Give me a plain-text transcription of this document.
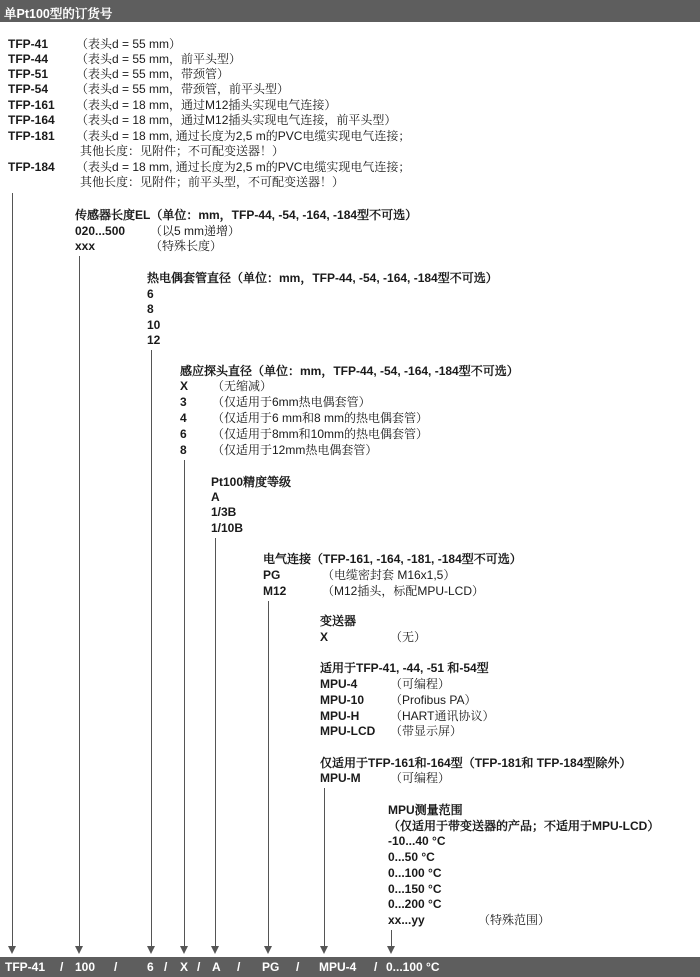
单Pt100型的订货号
TFP-41 （表头d = 55 mm）
TFP-44 （表头d = 55 mm，前平头型）
TFP-51 （表头d = 55 mm，带颈管）
TFP-54 （表头d = 55 mm，带颈管，前平头型）
TFP-161 （表头d = 18 mm，通过M12插头实现电气连接）
TFP-164 （表头d = 18 mm，通过M12插头实现电气连接，前平头型）
TFP-181 （表头d = 18 mm, 通过长度为2,5 m的PVC电缆实现电气连接；
其他长度：见附件；不可配变送器！）
TFP-184 （表头d = 18 mm, 通过长度为2,5 m的PVC电缆实现电气连接；
其他长度：见附件；前平头型，不可配变送器！）
传感器长度EL（单位：mm，TFP-44, -54, -164, -184型不可选）
020...500 （以5 mm递增）
xxx	（特殊长度）
热电偶套管直径（单位：mm，TFP-44, -54, -164, -184型不可选）
6
8
10
12
感应探头直径（单位：mm，TFP-44, -54, -164, -184型不可选）
X （无缩减）
3 （仅适用于6mm热电偶套管）
4 （仅适用于6 mm和8 mm的热电偶套管）
6 （仅适用于8mm和10mm的热电偶套管）
8 （仅适用于12mm热电偶套管）
Pt100精度等级
A
1/3B
1/10B
电气连接（TFP-161, -164, -181, -184型不可选）
PG	（电缆密封套 M16x1,5）
M12	（M12插头，标配MPU-LCD）
变送器
X	（无）
适用于TFP-41, -44, -51 和-54型
MPU-4	（可编程）
MPU-10 （Profibus PA）
MPU-H	（HART通讯协议）
MPU-LCD （带显示屏）
仅适用于TFP-161和-164型（TFP-181和 TFP-184型除外）
MPU-M （可编程）
MPU测量范围
（仅适用于带变送器的产品；不适用于MPU-LCD）
-10...40 °C
0...50 °C
0...100 °C
0...150 °C
0...200 °C
xx...yy	（特殊范围）
TFP-41 / 100 / 6 / X / A / PG / MPU-4 / 0...100 °C
